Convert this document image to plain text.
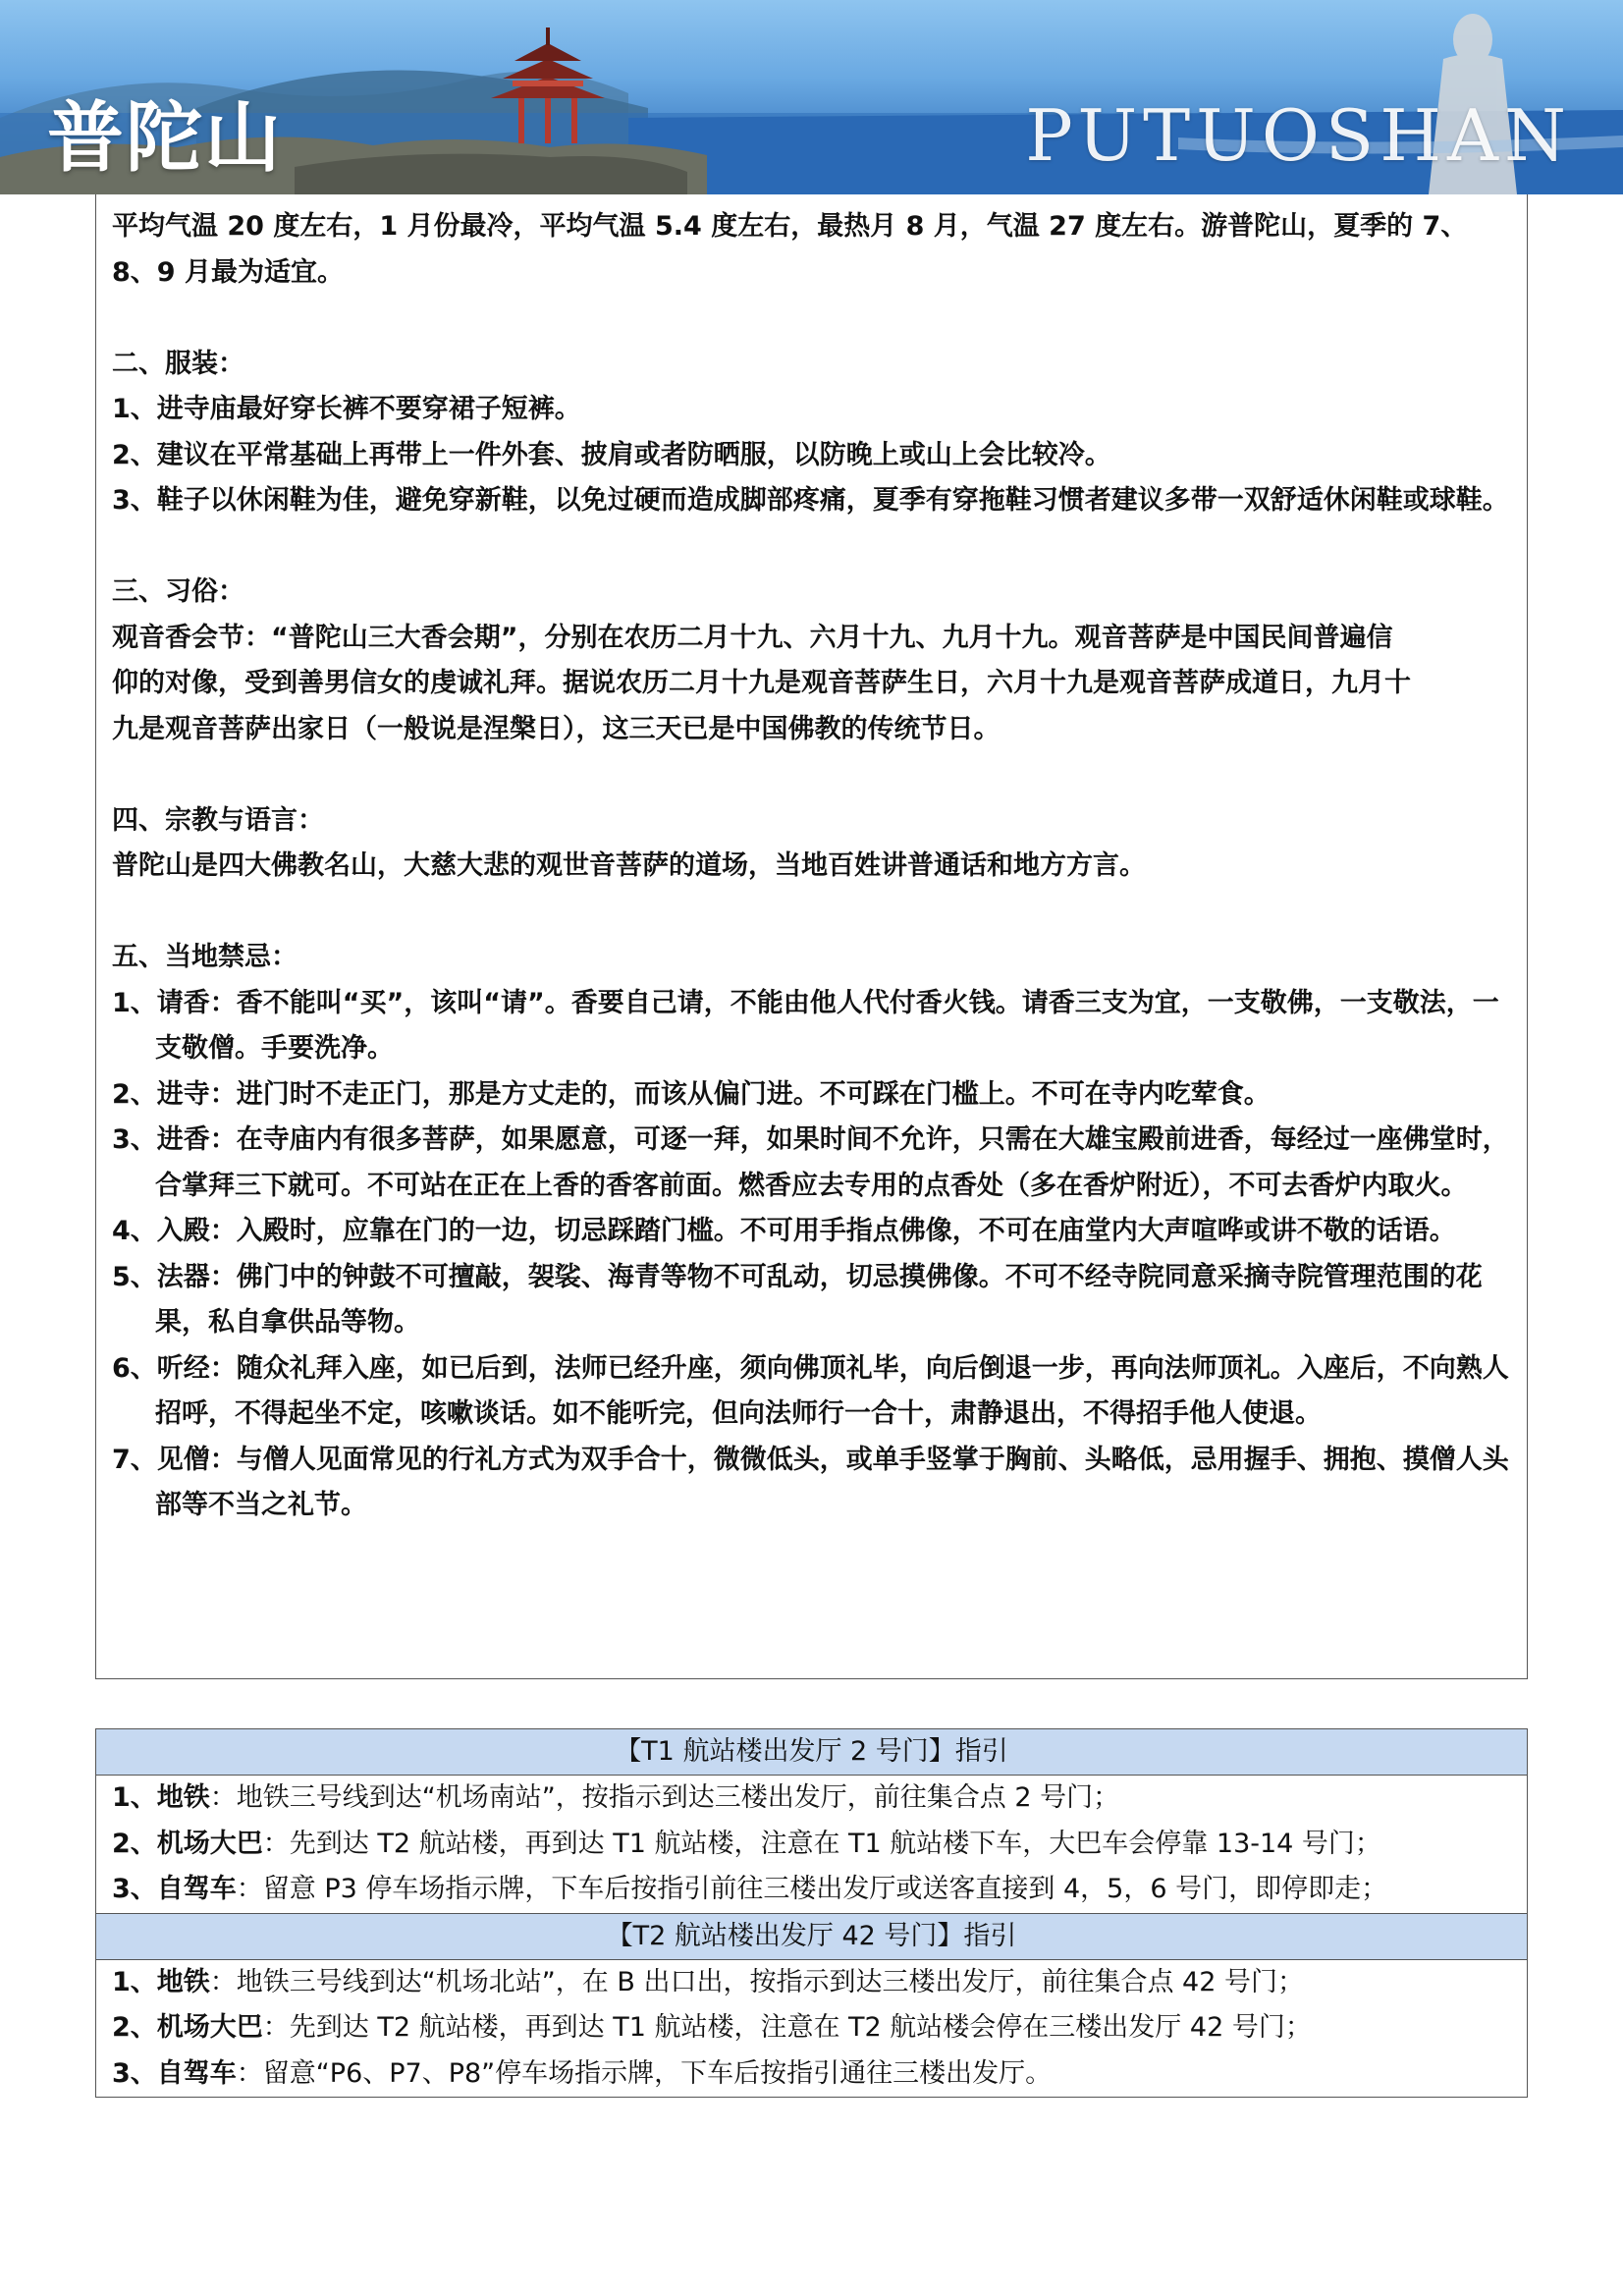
普陀山	PUTUOSHAN

平均气温 20 度左右，1 月份最冷，平均气温 5.4 度左右，最热月 8 月，气温 27 度左右。游普陀山，夏季的 7、

8、9 月最为适宜。

二、服装：

1、进寺庙最好穿长裤不要穿裙子短裤。

2、建议在平常基础上再带上一件外套、披肩或者防晒服，以防晚上或山上会比较冷。

3、鞋子以休闲鞋为佳，避免穿新鞋，以免过硬而造成脚部疼痛，夏季有穿拖鞋习惯者建议多带一双舒适休闲鞋或球鞋。

三、习俗：

观音香会节：“普陀山三大香会期”，分别在农历二月十九、六月十九、九月十九。观音菩萨是中国民间普遍信

仰的对像，受到善男信女的虔诚礼拜。据说农历二月十九是观音菩萨生日，六月十九是观音菩萨成道日，九月十

九是观音菩萨出家日（一般说是涅槃日），这三天已是中国佛教的传统节日。

四、宗教与语言：

普陀山是四大佛教名山，大慈大悲的观世音菩萨的道场，当地百姓讲普通话和地方方言。

五、当地禁忌：

1、请香：香不能叫“买”，该叫“请”。香要自己请，不能由他人代付香火钱。请香三支为宜，一支敬佛，一支敬法，一支敬僧。手要洗净。

2、进寺：进门时不走正门，那是方丈走的，而该从偏门进。不可踩在门槛上。不可在寺内吃荤食。

3、进香：在寺庙内有很多菩萨，如果愿意，可逐一拜，如果时间不允许，只需在大雄宝殿前进香，每经过一座佛堂时，合掌拜三下就可。不可站在正在上香的香客前面。燃香应去专用的点香处（多在香炉附近），不可去香炉内取火。

4、入殿：入殿时，应靠在门的一边，切忌踩踏门槛。不可用手指点佛像，不可在庙堂内大声喧哗或讲不敬的话语。

5、法器：佛门中的钟鼓不可擅敲，袈裟、海青等物不可乱动，切忌摸佛像。不可不经寺院同意采摘寺院管理范围的花果，私自拿供品等物。

6、听经：随众礼拜入座，如已后到，法师已经升座，须向佛顶礼毕，向后倒退一步，再向法师顶礼。入座后，不向熟人招呼，不得起坐不定，咳嗽谈话。如不能听完，但向法师行一合十，肃静退出，不得招手他人使退。

7、见僧：与僧人见面常见的行礼方式为双手合十，微微低头，或单手竖掌于胸前、头略低，忌用握手、拥抱、摸僧人头部等不当之礼节。

【T1 航站楼出发厅 2 号门】指引
1、地铁：地铁三号线到达“机场南站”，按指示到达三楼出发厅，前往集合点 2 号门；
2、机场大巴：先到达 T2 航站楼，再到达 T1 航站楼，注意在 T1 航站楼下车，大巴车会停靠 13-14 号门；
3、自驾车：留意 P3 停车场指示牌，下车后按指引前往三楼出发厅或送客直接到 4，5，6 号门，即停即走；
【T2 航站楼出发厅 42 号门】指引
1、地铁：地铁三号线到达“机场北站”，在 B 出口出，按指示到达三楼出发厅，前往集合点 42 号门；
2、机场大巴：先到达 T2 航站楼，再到达 T1 航站楼，注意在 T2 航站楼会停在三楼出发厅 42 号门；
3、自驾车：留意“P6、P7、P8”停车场指示牌，下车后按指引通往三楼出发厅。
